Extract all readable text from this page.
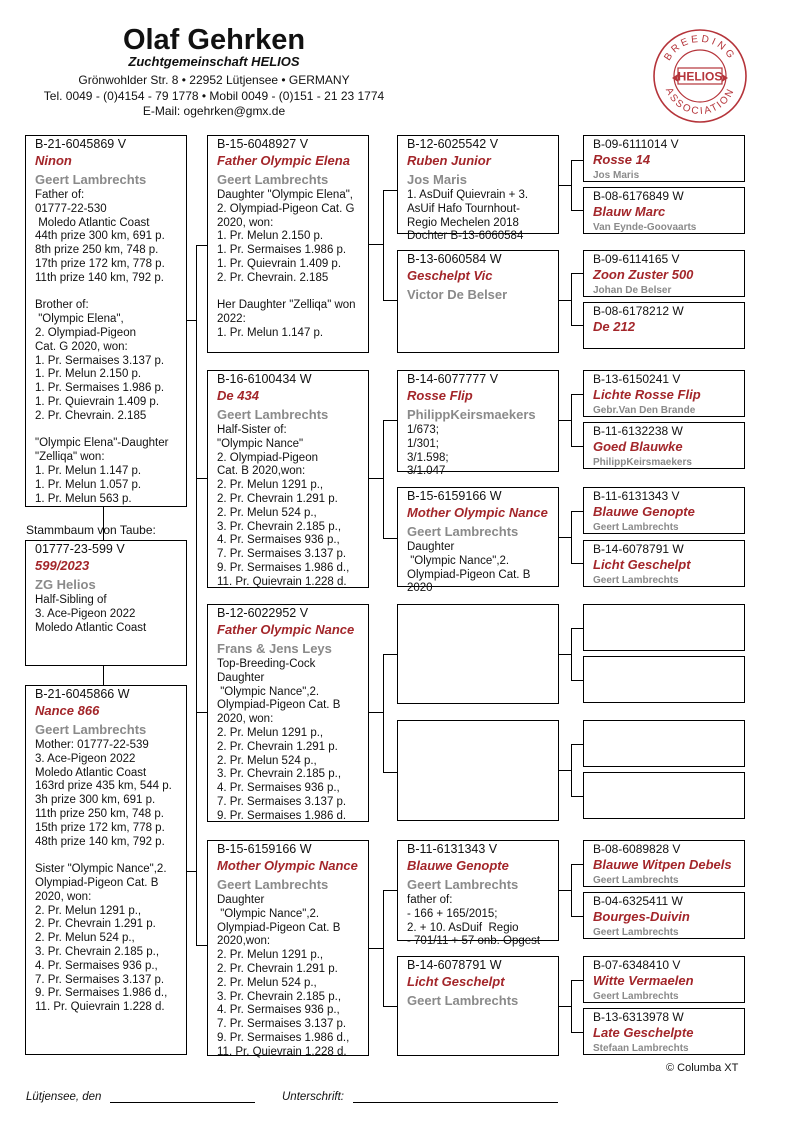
Olaf Gehrken
Zuchtgemeinschaft HELIOS
Grönwohlder Str. 8 • 22952 Lütjensee • GERMANY
Tel. 0049 - (0)4154 - 79 1778 • Mobil 0049 - (0)151 - 21 23 1774
E-Mail: ogehrken@gmx.de
BREEDING
ASSOCIATION
HELIOS
B-21-6045869 V
Ninon
Geert Lambrechts
Father of:
01777-22-530
Moledo Atlantic Coast
44th prize 300 km, 691 p.
8th prize 250 km, 748 p.
17th prize 172 km, 778 p.
11th prize 140 km, 792 p.

Brother of:
"Olympic Elena",
2. Olympiad-Pigeon
Cat. G 2020, won:
1. Pr. Sermaises 3.137 p.
1. Pr. Melun 2.150 p.
1. Pr. Sermaises 1.986 p.
1. Pr. Quievrain 1.409 p.
2. Pr. Chevrain. 2.185

"Olympic Elena"-Daughter
"Zelliqa" won:
1. Pr. Melun 1.147 p.
1. Pr. Melun 1.057 p.
1. Pr. Melun 563 p.
01777-23-599 V
599/2023
ZG Helios
Half-Sibling of
3. Ace-Pigeon 2022
Moledo Atlantic Coast
B-21-6045866 W
Nance 866
Geert Lambrechts
Mother: 01777-22-539
3. Ace-Pigeon 2022
Moledo Atlantic Coast
163rd prize 435 km, 544 p.
3h prize 300 km, 691 p.
11th prize 250 km, 748 p.
15th prize 172 km, 778 p.
48th prize 140 km, 792 p.

Sister "Olympic Nance",2.
Olympiad-Pigeon Cat. B
2020, won:
2. Pr. Melun 1291 p.,
2. Pr. Chevrain 1.291 p.
2. Pr. Melun 524 p.,
3. Pr. Chevrain 2.185 p.,
4. Pr. Sermaises 936 p.,
7. Pr. Sermaises 3.137 p.
9. Pr. Sermaises 1.986 d.,
11. Pr. Quievrain 1.228 d.
B-15-6048927 V
Father Olympic Elena
Geert Lambrechts
Daughter "Olympic Elena",
2. Olympiad-Pigeon Cat. G
2020, won:
1. Pr. Melun 2.150 p.
1. Pr. Sermaises 1.986 p.
1. Pr. Quievrain 1.409 p.
2. Pr. Chevrain. 2.185

Her Daughter "Zelliqa" won
2022:
1. Pr. Melun 1.147 p.
B-16-6100434 W
De 434
Geert Lambrechts
Half-Sister of:
"Olympic Nance"
2. Olympiad-Pigeon
Cat. B 2020,won:
2. Pr. Melun 1291 p.,
2. Pr. Chevrain 1.291 p.
2. Pr. Melun 524 p.,
3. Pr. Chevrain 2.185 p.,
4. Pr. Sermaises 936 p.,
7. Pr. Sermaises 3.137 p.
9. Pr. Sermaises 1.986 d.,
11. Pr. Quievrain 1.228 d.
B-12-6022952 V
Father Olympic Nance
Frans & Jens Leys
Top-Breeding-Cock
Daughter
"Olympic Nance",2.
Olympiad-Pigeon Cat. B
2020, won:
2. Pr. Melun 1291 p.,
2. Pr. Chevrain 1.291 p.
2. Pr. Melun 524 p.,
3. Pr. Chevrain 2.185 p.,
4. Pr. Sermaises 936 p.,
7. Pr. Sermaises 3.137 p.
9. Pr. Sermaises 1.986 d.
B-15-6159166 W
Mother Olympic Nance
Geert Lambrechts
Daughter
"Olympic Nance",2.
Olympiad-Pigeon Cat. B
2020,won:
2. Pr. Melun 1291 p.,
2. Pr. Chevrain 1.291 p.
2. Pr. Melun 524 p.,
3. Pr. Chevrain 2.185 p.,
4. Pr. Sermaises 936 p.,
7. Pr. Sermaises 3.137 p.
9. Pr. Sermaises 1.986 d.,
11. Pr. Quievrain 1.228 d.
B-12-6025542 V
Ruben Junior
Jos Maris
1. AsDuif Quievrain + 3.
AsUif Hafo Tournhout-
Regio Mechelen 2018
Dochter B-13-6060584
B-13-6060584 W
Geschelpt Vic
Victor De Belser
B-14-6077777 V
Rosse Flip
PhilippKeirsmaekers
1/673;
1/301;
3/1.598;
3/1.047
B-15-6159166 W
Mother Olympic Nance
Geert Lambrechts
Daughter
"Olympic Nance",2.
Olympiad-Pigeon Cat. B
2020
B-11-6131343 V
Blauwe Genopte
Geert Lambrechts
father of:
- 166 + 165/2015;
2. + 10. AsDuif  Regio
- 701/11 + 57 onb. Opgest
B-14-6078791 W
Licht Geschelpt
Geert Lambrechts
B-09-6111014 V
Rosse 14
Jos Maris
B-08-6176849 W
Blauw Marc
Van Eynde-Goovaarts
B-09-6114165 V
Zoon Zuster 500
Johan De Belser
B-08-6178212 W
De 212
B-13-6150241 V
Lichte Rosse Flip
Gebr.Van Den Brande
B-11-6132238 W
Goed Blauwke
PhilippKeirsmaekers
B-11-6131343 V
Blauwe Genopte
Geert Lambrechts
B-14-6078791 W
Licht Geschelpt
Geert Lambrechts
B-08-6089828 V
Blauwe Witpen Debels
Geert Lambrechts
B-04-6325411 W
Bourges-Duivin
Geert Lambrechts
B-07-6348410 V
Witte Vermaelen
Geert Lambrechts
B-13-6313978 W
Late Geschelpte
Stefaan Lambrechts
Stammbaum von Taube:
© Columba XT
Lütjensee, den	Unterschrift:
